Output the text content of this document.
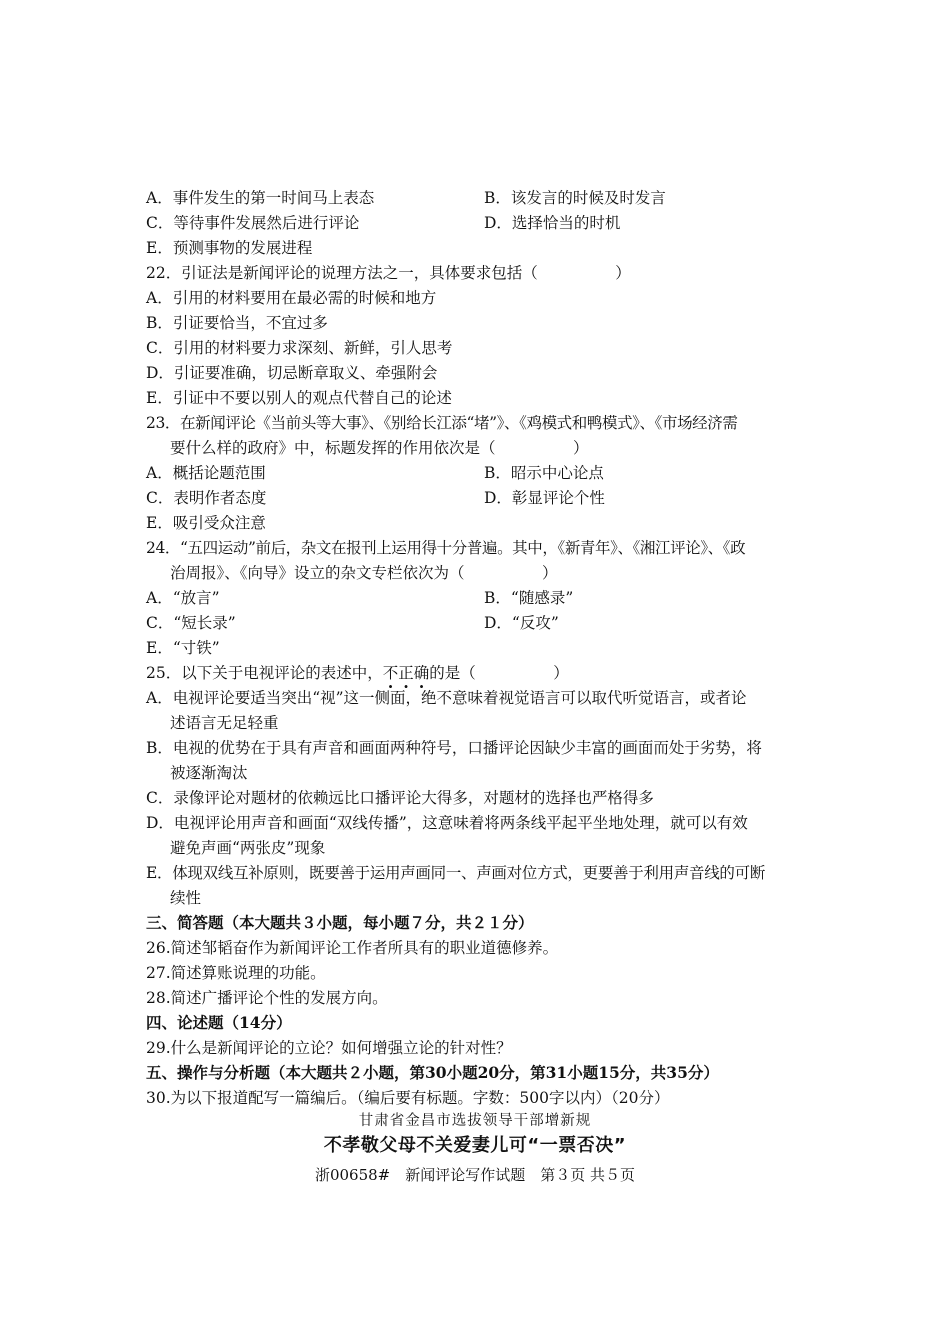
A．事件发生的第一时间马上表态	B．该发言的时候及时发言
C．等待事件发展然后进行评论	D．选择恰当的时机
E．预测事物的发展进程
22．引证法是新闻评论的说理方法之一，具体要求包括（　　　　　）
A．引用的材料要用在最必需的时候和地方
B．引证要恰当，不宜过多
C．引用的材料要力求深刻、新鲜，引人思考
D．引证要准确，切忌断章取义、牵强附会
E．引证中不要以别人的观点代替自己的论述
23．在新闻评论《当前头等大事》、《别给长江添“堵”》、《鸡模式和鸭模式》、《市场经济需
要什么样的政府》中，标题发挥的作用依次是（　　　　　）
A．概括论题范围	B．昭示中心论点
C．表明作者态度	D．彰显评论个性
E．吸引受众注意
24．“五四运动”前后，杂文在报刊上运用得十分普遍。其中，《新青年》、《湘江评论》、《政
治周报》、《向导》设立的杂文专栏依次为（　　　　　）
A．“放言”	B．“随感录”
C．“短长录”	D．“反攻”
E．“寸铁”
25．以下关于电视评论的表述中，不正确的是（　　　　　）
A．电视评论要适当突出“视”这一侧面，绝不意味着视觉语言可以取代听觉语言，或者论
述语言无足轻重
B．电视的优势在于具有声音和画面两种符号，口播评论因缺少丰富的画面而处于劣势，将
被逐渐淘汰
C．录像评论对题材的依赖远比口播评论大得多，对题材的选择也严格得多
D．电视评论用声音和画面“双线传播”，这意味着将两条线平起平坐地处理，就可以有效
避免声画“两张皮”现象
E．体现双线互补原则，既要善于运用声画同一、声画对位方式，更要善于利用声音线的可断
续性
三、简答题（本大题共３小题，每小题７分，共２１分）
26.简述邹韬奋作为新闻评论工作者所具有的职业道德修养。
27.简述算账说理的功能。
28.简述广播评论个性的发展方向。
四、论述题（14分）
29.什么是新闻评论的立论？如何增强立论的针对性？
五、操作与分析题（本大题共２小题，第30小题20分，第31小题15分，共35分）
30.为以下报道配写一篇编后。（编后要有标题。字数：500字以内）（20分）
甘肃省金昌市选拔领导干部增新规
不孝敬父母不关爱妻儿可“一票否决”
浙00658#　新闻评论写作试题　第３页 共５页
